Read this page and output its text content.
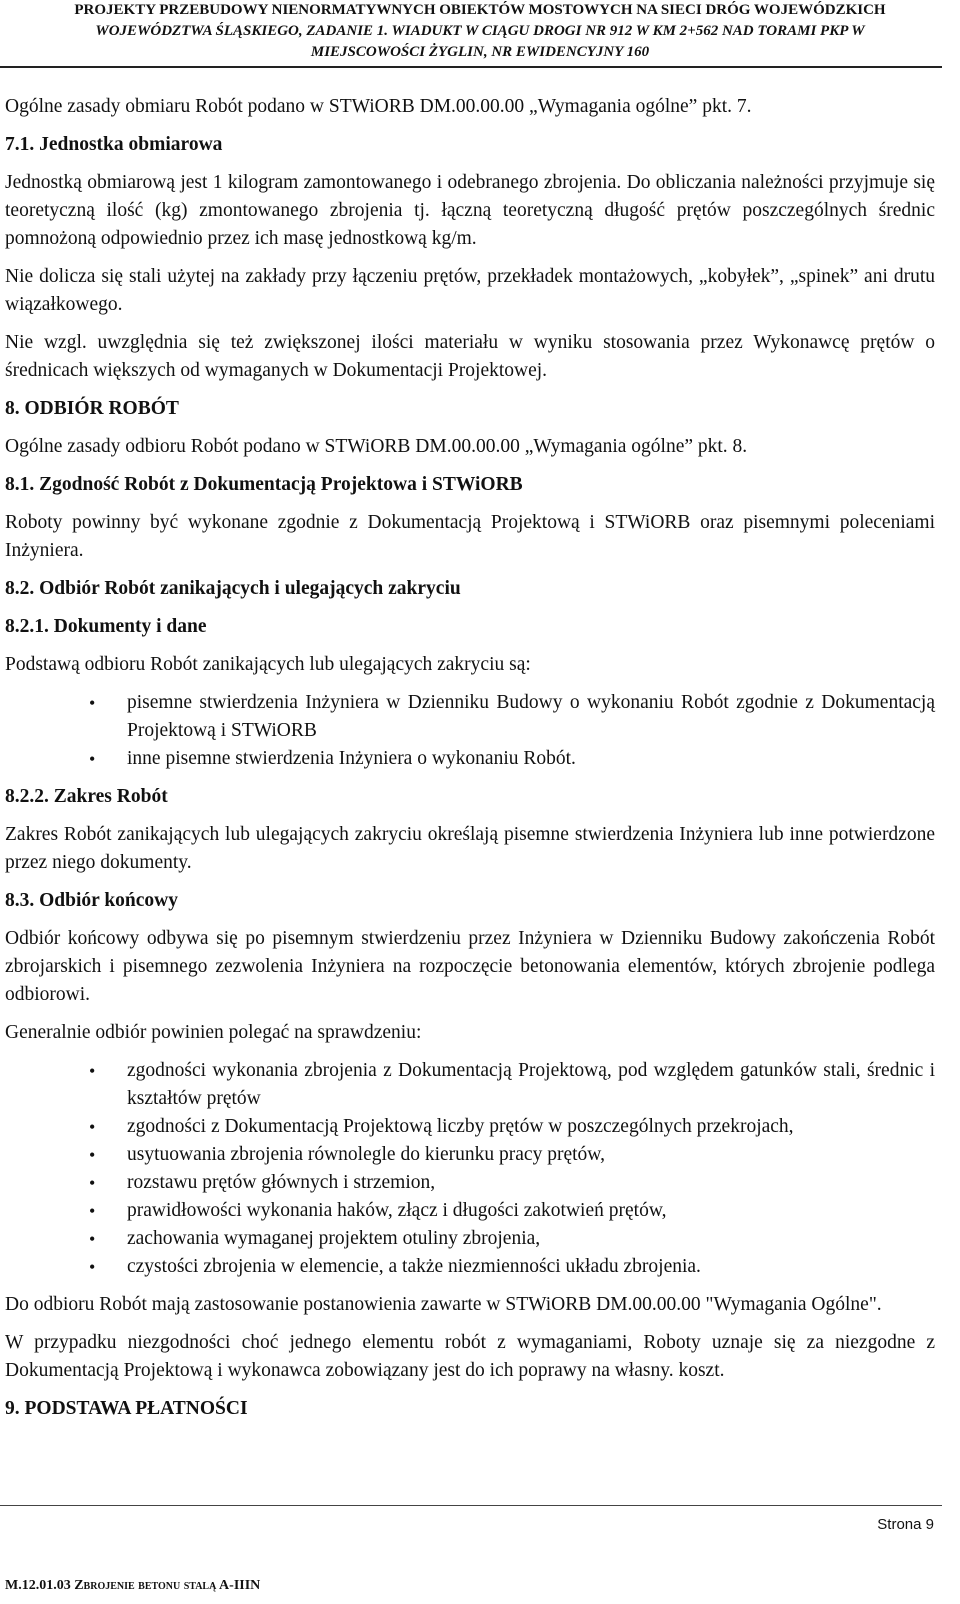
PROJEKTY PRZEBUDOWY NIENORMATYWNYCH OBIEKTÓW MOSTOWYCH NA SIECI DRÓG WOJEWÓDZKICH
WOJEWÓDZTWA ŚLĄSKIEGO, ZADANIE 1. WIADUKT W CIĄGU DROGI NR 912 W KM 2+562 NAD TORAMI PKP W
MIEJSCOWOŚCI ŻYGLIN, NR EWIDENCYJNY 160

Ogólne zasady obmiaru Robót podano w STWiORB DM.00.00.00 „Wymagania ogólne” pkt. 7.

7.1. Jednostka obmiarowa

Jednostką obmiarową jest 1 kilogram zamontowanego i odebranego zbrojenia. Do obliczania należności przyjmuje się teoretyczną ilość (kg) zmontowanego zbrojenia tj. łączną teoretyczną długość prętów poszczególnych średnic pomnożoną odpowiednio przez ich masę jednostkową kg/m.

Nie dolicza się stali użytej na zakłady przy łączeniu prętów, przekładek montażowych, „kobyłek”, „spinek” ani drutu wiązałkowego.

Nie wzgl. uwzględnia się też zwiększonej ilości materiału w wyniku stosowania przez Wykonawcę prętów o średnicach większych od wymaganych w Dokumentacji Projektowej.

8. ODBIÓR ROBÓT

Ogólne zasady odbioru Robót podano w STWiORB DM.00.00.00 „Wymagania ogólne” pkt. 8.

8.1. Zgodność Robót z Dokumentacją Projektowa i STWiORB

Roboty powinny być wykonane zgodnie z Dokumentacją Projektową i STWiORB oraz pisemnymi poleceniami Inżyniera.

8.2. Odbiór Robót zanikających i ulegających zakryciu
8.2.1. Dokumenty i dane

Podstawą odbioru Robót zanikających lub ulegających zakryciu są:

• pisemne stwierdzenia Inżyniera w Dzienniku Budowy o wykonaniu Robót zgodnie z Dokumentacją Projektową i STWiORB
• inne pisemne stwierdzenia Inżyniera o wykonaniu Robót.
8.2.2. Zakres Robót

Zakres Robót zanikających lub ulegających zakryciu określają pisemne stwierdzenia Inżyniera lub inne potwierdzone przez niego dokumenty.

8.3. Odbiór końcowy

Odbiór końcowy odbywa się po pisemnym stwierdzeniu przez Inżyniera w Dzienniku Budowy zakończenia Robót zbrojarskich i pisemnego zezwolenia Inżyniera na rozpoczęcie betonowania elementów, których zbrojenie podlega odbiorowi.

Generalnie odbiór powinien polegać na sprawdzeniu:

• zgodności wykonania zbrojenia z Dokumentacją Projektową, pod względem gatunków stali, średnic i kształtów prętów
• zgodności z Dokumentacją Projektową liczby prętów w poszczególnych przekrojach,
• usytuowania zbrojenia równolegle do kierunku pracy prętów,
• rozstawu prętów głównych i strzemion,
• prawidłowości wykonania haków, złącz i długości zakotwień prętów,
• zachowania wymaganej projektem otuliny zbrojenia,
• czystości zbrojenia w elemencie, a także niezmienności układu zbrojenia.

Do odbioru Robót mają zastosowanie postanowienia zawarte w STWiORB DM.00.00.00 "Wymagania Ogólne".

W przypadku niezgodności choć jednego elementu robót z wymaganiami, Roboty uznaje się za niezgodne z Dokumentacją Projektową i wykonawca zobowiązany jest do ich poprawy na własny. koszt.

9. PODSTAWA PŁATNOŚCI
Strona 9
M.12.01.03 Zbrojenie betonu stalą A-IIIN
